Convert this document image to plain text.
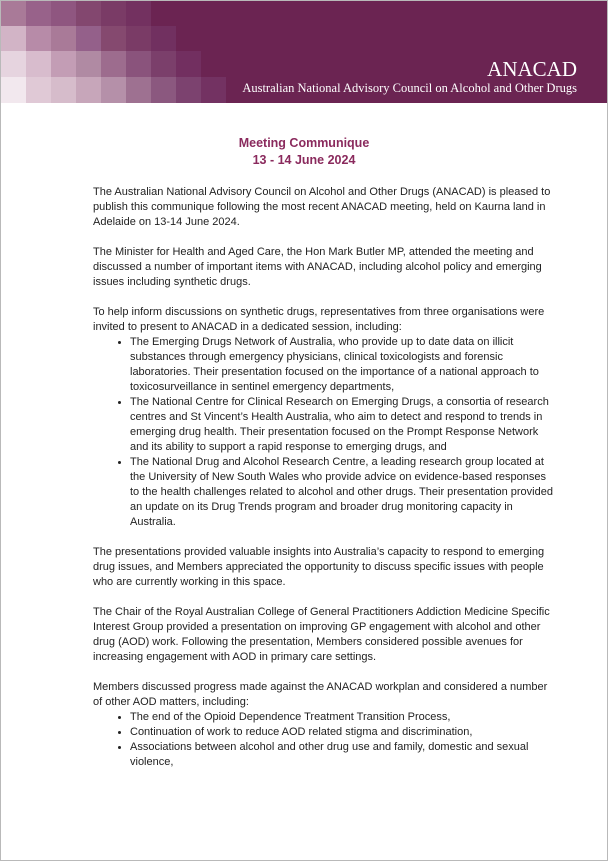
ANACAD
Australian National Advisory Council on Alcohol and Other Drugs
Meeting Communique
13 - 14 June 2024

The Australian National Advisory Council on Alcohol and Other Drugs (ANACAD) is pleased to publish this communique following the most recent ANACAD meeting, held on Kaurna land in Adelaide on 13-14 June 2024.

The Minister for Health and Aged Care, the Hon Mark Butler MP, attended the meeting and discussed a number of important items with ANACAD, including alcohol policy and emerging issues including synthetic drugs.

To help inform discussions on synthetic drugs, representatives from three organisations were invited to present to ANACAD in a dedicated session, including:

• The Emerging Drugs Network of Australia, who provide up to date data on illicit substances through emergency physicians, clinical toxicologists and forensic laboratories. Their presentation focused on the importance of a national approach to toxicosurveillance in sentinel emergency departments,
• The National Centre for Clinical Research on Emerging Drugs, a consortia of research centres and St Vincent’s Health Australia, who aim to detect and respond to trends in emerging drug health. Their presentation focused on the Prompt Response Network and its ability to support a rapid response to emerging drugs, and
• The National Drug and Alcohol Research Centre, a leading research group located at the University of New South Wales who provide advice on evidence-based responses to the health challenges related to alcohol and other drugs. Their presentation provided an update on its Drug Trends program and broader drug monitoring capacity in Australia.

The presentations provided valuable insights into Australia’s capacity to respond to emerging drug issues, and Members appreciated the opportunity to discuss specific issues with people who are currently working in this space.

The Chair of the Royal Australian College of General Practitioners Addiction Medicine Specific Interest Group provided a presentation on improving GP engagement with alcohol and other drug (AOD) work. Following the presentation, Members considered possible avenues for increasing engagement with AOD in primary care settings.

Members discussed progress made against the ANACAD workplan and considered a number of other AOD matters, including:

• The end of the Opioid Dependence Treatment Transition Process,
• Continuation of work to reduce AOD related stigma and discrimination,
• Associations between alcohol and other drug use and family, domestic and sexual violence,
